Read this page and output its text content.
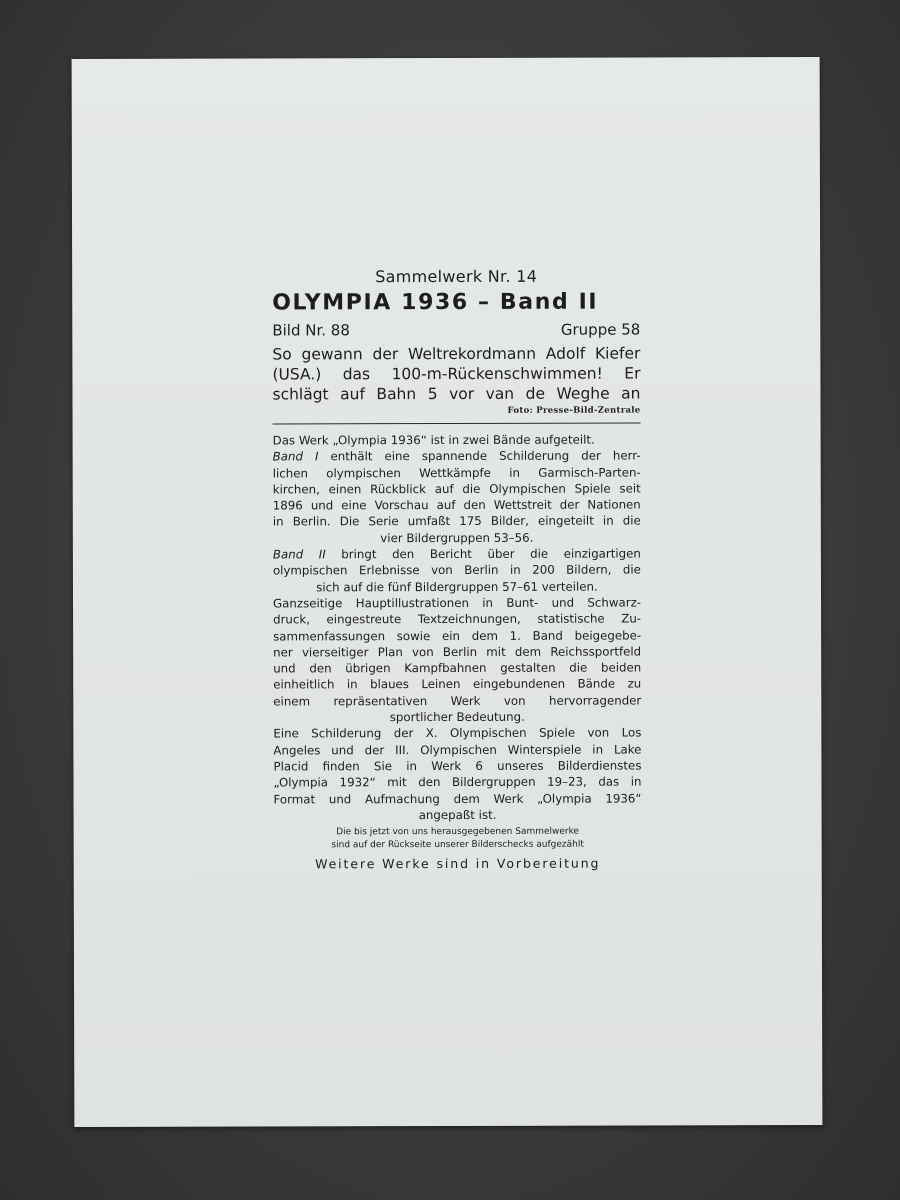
Sammelwerk Nr. 14
OLYMPIA 1936 – Band II
Bild Nr. 88	Gruppe 58
So gewann der Weltrekordmann Adolf Kiefer
(USA.) das 100-m-Rückenschwimmen! Er
schlägt auf Bahn 5 vor van de Weghe an
Foto: Presse-Bild-Zentrale
Das Werk „Olympia 1936“ ist in zwei Bände aufgeteilt.
Band I enthält eine spannende Schilderung der herr-
lichen olympischen Wettkämpfe in Garmisch-Parten-
kirchen, einen Rückblick auf die Olympischen Spiele seit
1896 und eine Vorschau auf den Wettstreit der Nationen
in Berlin. Die Serie umfaßt 175 Bilder, eingeteilt in die
vier Bildergruppen 53–56.
Band II bringt den Bericht über die einzigartigen
olympischen Erlebnisse von Berlin in 200 Bildern, die
sich auf die fünf Bildergruppen 57–61 verteilen.
Ganzseitige Hauptillustrationen in Bunt- und Schwarz-
druck, eingestreute Textzeichnungen, statistische Zu-
sammenfassungen sowie ein dem 1. Band beigegebe-
ner vierseitiger Plan von Berlin mit dem Reichssportfeld
und den übrigen Kampfbahnen gestalten die beiden
einheitlich in blaues Leinen eingebundenen Bände zu
einem repräsentativen Werk von hervorragender
sportlicher Bedeutung.
Eine Schilderung der X. Olympischen Spiele von Los
Angeles und der III. Olympischen Winterspiele in Lake
Placid finden Sie in Werk 6 unseres Bilderdienstes
„Olympia 1932“ mit den Bildergruppen 19–23, das in
Format und Aufmachung dem Werk „Olympia 1936“
angepaßt ist.
Die bis jetzt von uns herausgegebenen Sammelwerke
sind auf der Rückseite unserer Bilderschecks aufgezählt
Weitere Werke sind in Vorbereitung
